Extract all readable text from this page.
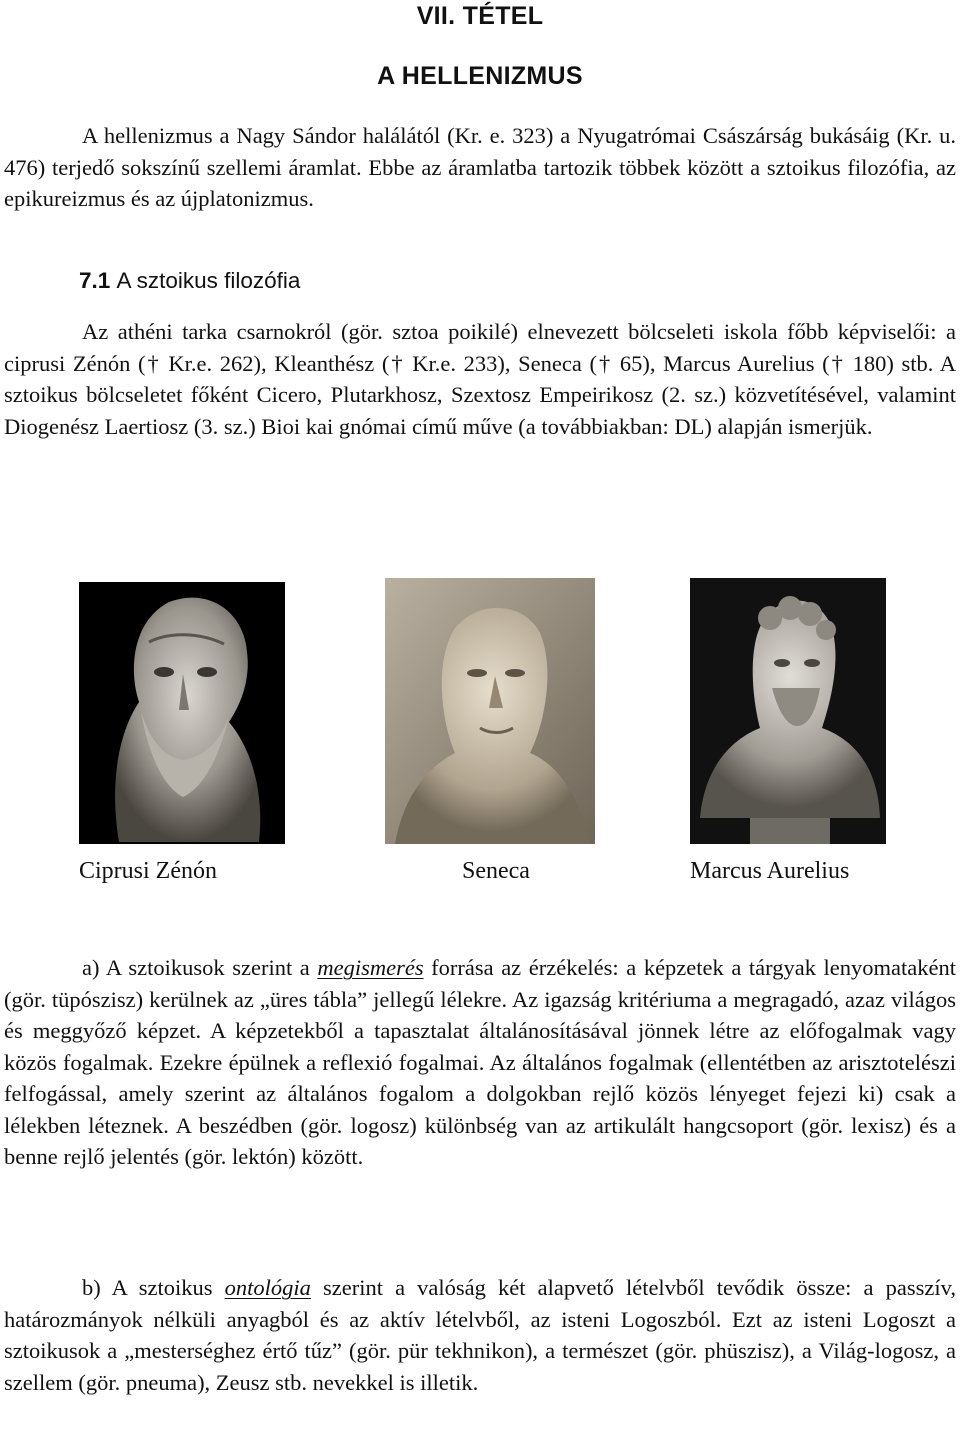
VII. TÉTEL
A HELLENIZMUS

A hellenizmus a Nagy Sándor halálától (Kr. e. 323) a Nyugatrómai Császárság bukásáig (Kr. u. 476) terjedő sokszínű szellemi áramlat. Ebbe az áramlatba tartozik többek között a sztoikus filozófia, az epikureizmus és az újplatonizmus.

7.1 A sztoikus filozófia

Az athéni tarka csarnokról (gör. sztoa poikilé) elnevezett bölcseleti iskola főbb képviselői: a ciprusi Zénón († Kr.e. 262), Kleanthész († Kr.e. 233), Seneca († 65), Marcus Aurelius († 180) stb. A sztoikus bölcseletet főként Cicero, Plutarkhosz, Szextosz Empeirikosz (2. sz.) közvetítésével, valamint Diogenész Laertiosz (3. sz.) Bioi kai gnómai című műve (a továbbiakban: DL) alapján ismerjük.

Ciprusi Zénón	Seneca	Marcus Aurelius

a) A sztoikusok szerint a megismerés forrása az érzékelés: a képzetek a tárgyak lenyomataként (gör. tüpószisz) kerülnek az „üres tábla” jellegű lélekre. Az igazság kritériuma a megragadó, azaz világos és meggyőző képzet. A képzetekből a tapasztalat általánosításával jönnek létre az előfogalmak vagy közös fogalmak. Ezekre épülnek a reflexió fogalmai. Az általános fogalmak (ellentétben az arisztotelészi felfogással, amely szerint az általános fogalom a dolgokban rejlő közös lényeget fejezi ki) csak a lélekben léteznek. A beszédben (gör. logosz) különbség van az artikulált hangcsoport (gör. lexisz) és a benne rejlő jelentés (gör. lektón) között.

b) A sztoikus ontológia szerint a valóság két alapvető lételvből tevődik össze: a passzív, határozmányok nélküli anyagból és az aktív lételvből, az isteni Logoszból. Ezt az isteni Logoszt a sztoikusok a „mesterséghez értő tűz” (gör. pür tekhnikon), a természet (gör. phüszisz), a Világ-logosz, a szellem (gör. pneuma), Zeusz stb. nevekkel is illetik.
